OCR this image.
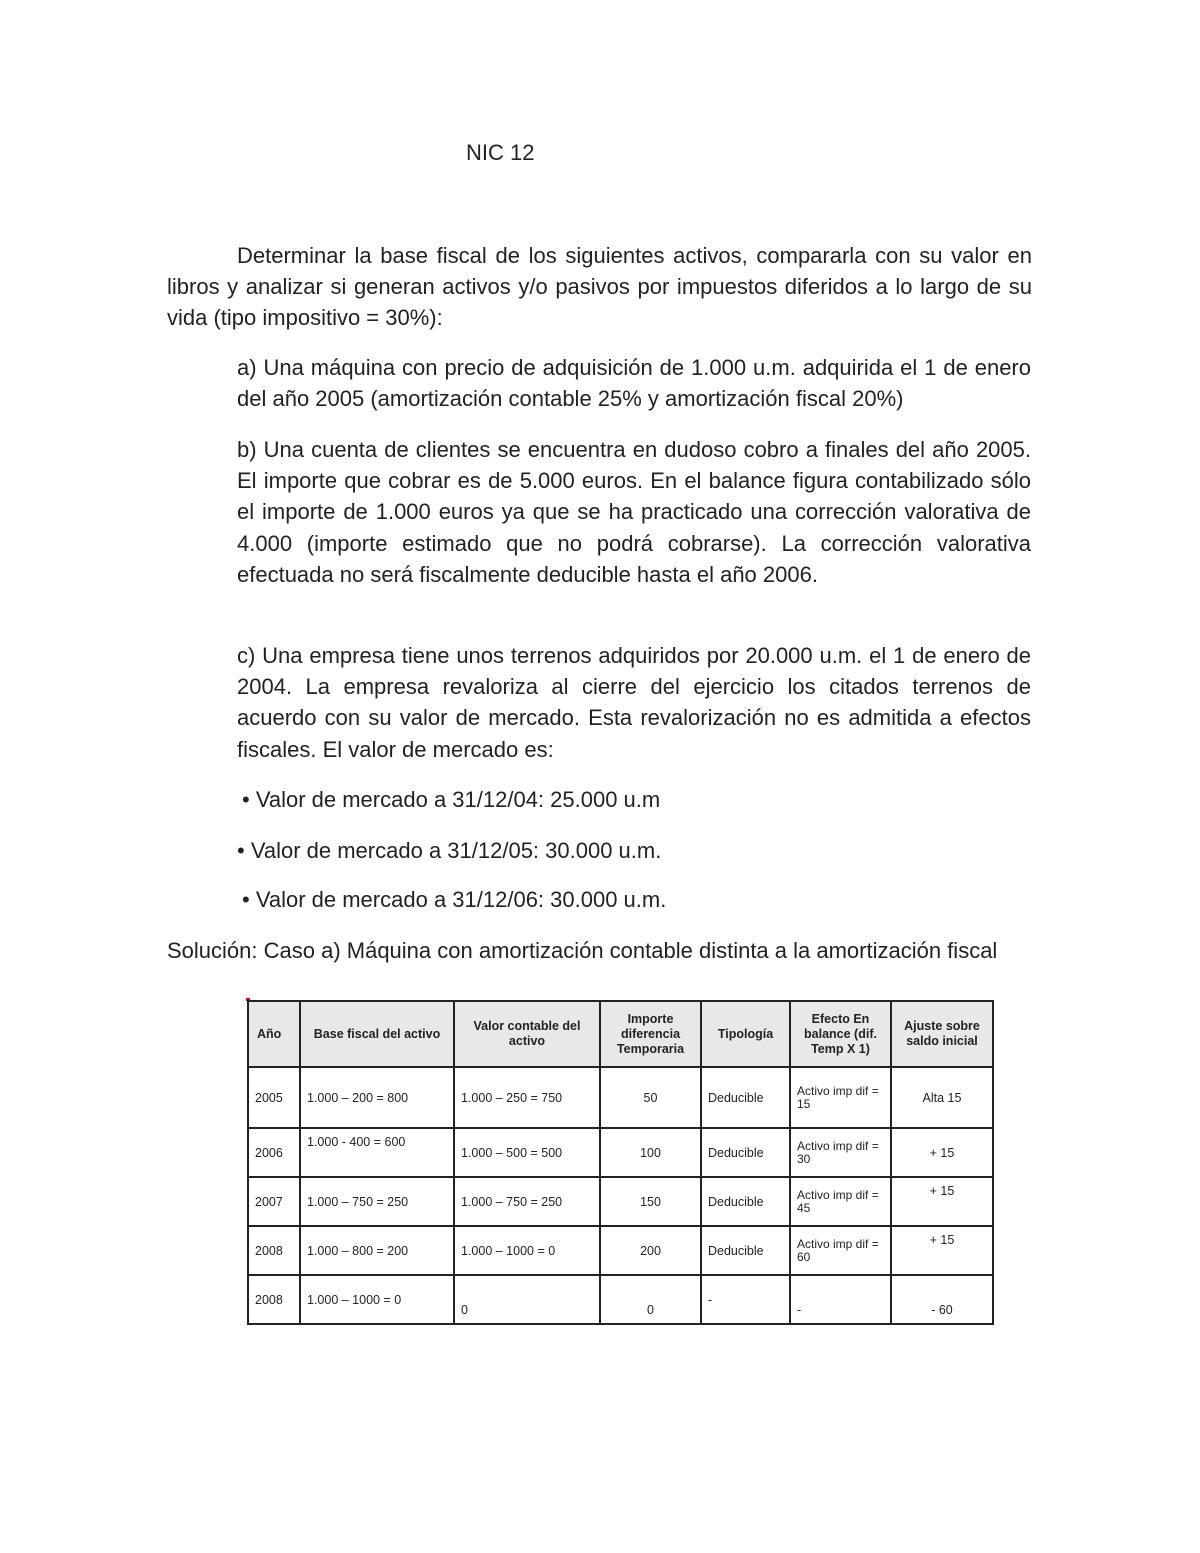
NIC 12

Determinar la base fiscal de los siguientes activos, compararla con su valor en libros y analizar si generan activos y/o pasivos por impuestos diferidos a lo largo de su vida (tipo impositivo = 30%):

a) Una máquina con precio de adquisición de 1.000 u.m. adquirida el 1 de enero del año 2005 (amortización contable 25% y amortización fiscal 20%)

b) Una cuenta de clientes se encuentra en dudoso cobro a finales del año 2005. El importe que cobrar es de 5.000 euros. En el balance figura contabilizado sólo el importe de 1.000 euros ya que se ha practicado una corrección valorativa de 4.000 (importe estimado que no podrá cobrarse). La corrección valorativa efectuada no será fiscalmente deducible hasta el año 2006.

c) Una empresa tiene unos terrenos adquiridos por 20.000 u.m. el 1 de enero de 2004. La empresa revaloriza al cierre del ejercicio los citados terrenos de acuerdo con su valor de mercado. Esta revalorización no es admitida a efectos fiscales. El valor de mercado es:

• Valor de mercado a 31/12/04: 25.000 u.m
• Valor de mercado a 31/12/05: 30.000 u.m.
• Valor de mercado a 31/12/06: 30.000 u.m.

Solución: Caso a) Máquina con amortización contable distinta a la amortización fiscal

Año	Base fiscal del activo	Valor contable del activo	Importe diferencia Temporaria	Tipología	Efecto En balance (dif. Temp X 1)	Ajuste sobre saldo inicial
2005	1.000 – 200 = 800	1.000 – 250 = 750	50	Deducible	Activo imp dif = 15	Alta 15
2006	1.000 - 400 = 600	1.000 – 500 = 500	100	Deducible	Activo imp dif = 30	+ 15
2007	1.000 – 750 = 250	1.000 – 750 = 250	150	Deducible	Activo imp dif = 45	+ 15
2008	1.000 – 800 = 200	1.000 – 1000 = 0	200	Deducible	Activo imp dif = 60	+ 15
2008	1.000 – 1000 = 0	0	0	-	-	- 60
